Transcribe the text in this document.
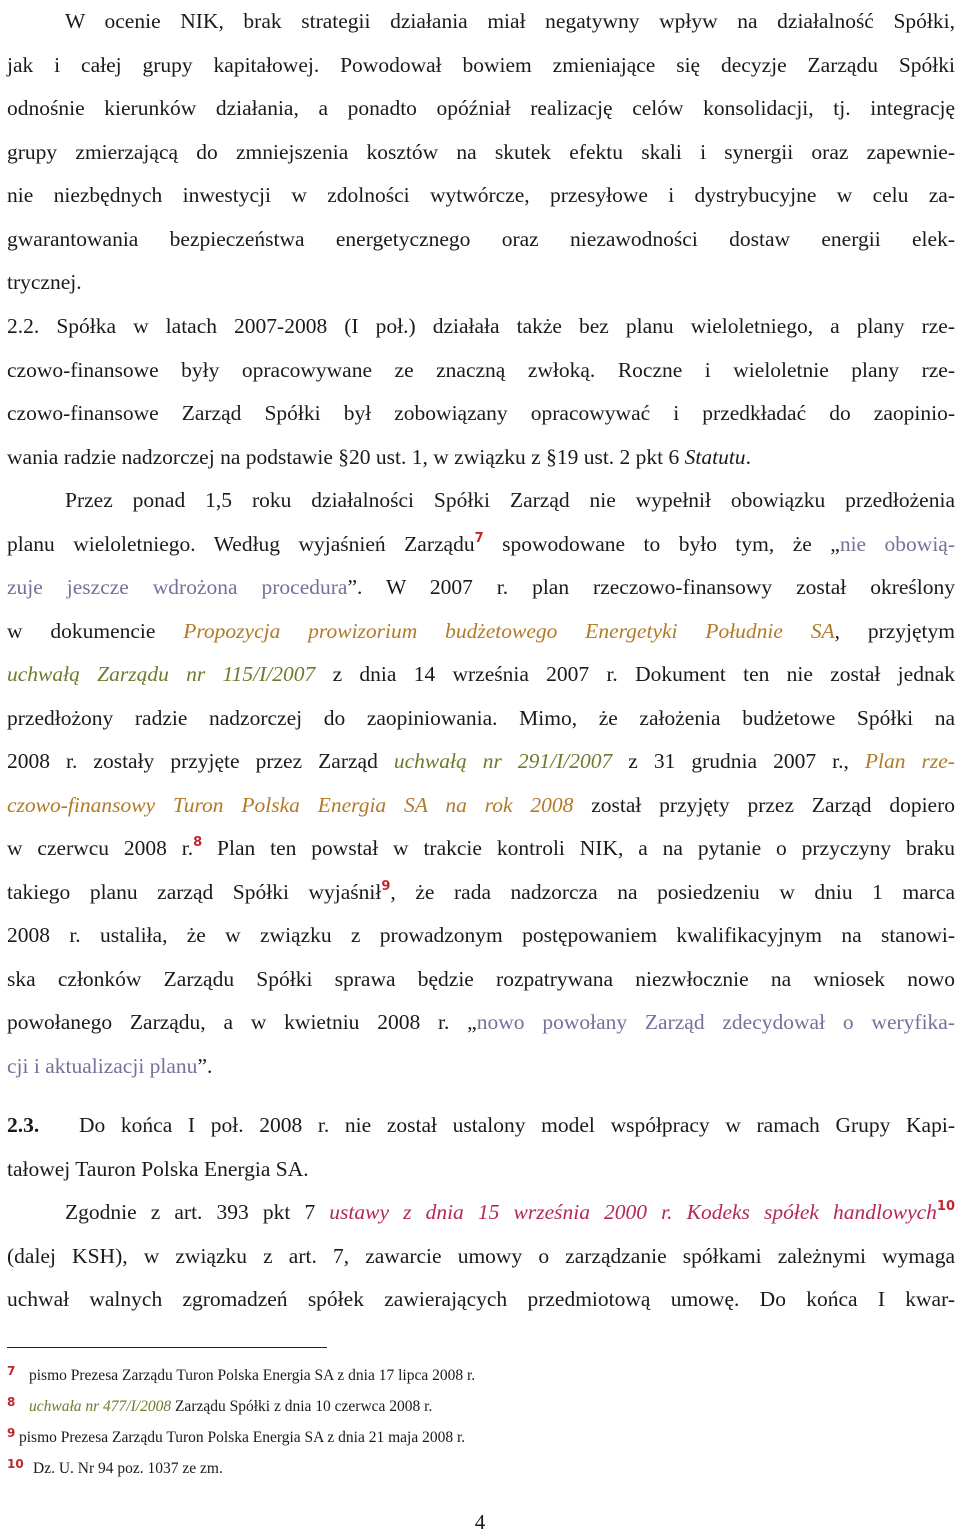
W ocenie NIK, brak strategii działania miał negatywny wpływ na działalność Spółki,
jak i całej grupy kapitałowej. Powodował bowiem zmieniające się decyzje Zarządu Spółki
odnośnie kierunków działania, a ponadto opóźniał realizację celów konsolidacji, tj. integrację
grupy zmierzającą do zmniejszenia kosztów na skutek efektu skali i synergii oraz zapewnie-
nie niezbędnych inwestycji w zdolności wytwórcze, przesyłowe i dystrybucyjne w celu za-
gwarantowania bezpieczeństwa energetycznego oraz niezawodności dostaw energii elek-
trycznej.
2.2. Spółka w latach 2007-2008 (I poł.) działała także bez planu wieloletniego, a plany rze-
czowo-finansowe były opracowywane ze znaczną zwłoką. Roczne i wieloletnie plany rze-
czowo-finansowe Zarząd Spółki był zobowiązany opracowywać i przedkładać do zaopinio-
wania radzie nadzorczej na podstawie §20 ust. 1, w związku z §19 ust. 2 pkt 6 Statutu.
Przez ponad 1,5 roku działalności Spółki Zarząd nie wypełnił obowiązku przedłożenia
planu wieloletniego. Według wyjaśnień Zarządu$^7$ spowodowane to było tym, że „nie obowią-
zuje jeszcze wdrożona procedura”. W 2007 r. plan rzeczowo-finansowy został określony
w dokumencie Propozycja prowizorium budżetowego Energetyki Południe SA, przyjętym
uchwałą Zarządu nr 115/I/2007 z dnia 14 września 2007 r. Dokument ten nie został jednak
przedłożony radzie nadzorczej do zaopiniowania. Mimo, że założenia budżetowe Spółki na
2008 r. zostały przyjęte przez Zarząd uchwałą nr 291/I/2007 z 31 grudnia 2007 r., Plan rze-
czowo-finansowy Turon Polska Energia SA na rok 2008 został przyjęty przez Zarząd dopiero
w czerwcu 2008 r.$^8$ Plan ten powstał w trakcie kontroli NIK, a na pytanie o przyczyny braku
takiego planu zarząd Spółki wyjaśnił$^9$, że rada nadzorcza na posiedzeniu w dniu 1 marca
2008 r. ustaliła, że w związku z prowadzonym postępowaniem kwalifikacyjnym na stanowi-
ska członków Zarządu Spółki sprawa będzie rozpatrywana niezwłocznie na wniosek nowo
powołanego Zarządu, a w kwietniu 2008 r. „nowo powołany Zarząd zdecydował o weryfika-
cji i aktualizacji planu”.
2.3. Do końca I poł. 2008 r. nie został ustalony model współpracy w ramach Grupy Kapi-
tałowej Tauron Polska Energia SA.
Zgodnie z art. 393 pkt 7 ustawy z dnia 15 września 2000 r. Kodeks spółek handlowych$^{10}$
(dalej KSH), w związku z art. 7, zawarcie umowy o zarządzanie spółkami zależnymi wymaga
uchwał walnych zgromadzeń spółek zawierających przedmiotową umowę. Do końca I kwar-
7 pismo Prezesa Zarządu Turon Polska Energia SA z dnia 17 lipca 2008 r.
8 uchwała nr 477/I/2008 Zarządu Spółki z dnia 10 czerwca 2008 r.
9 pismo Prezesa Zarządu Turon Polska Energia SA z dnia 21 maja 2008 r.
10 Dz. U. Nr 94 poz. 1037 ze zm.
4
